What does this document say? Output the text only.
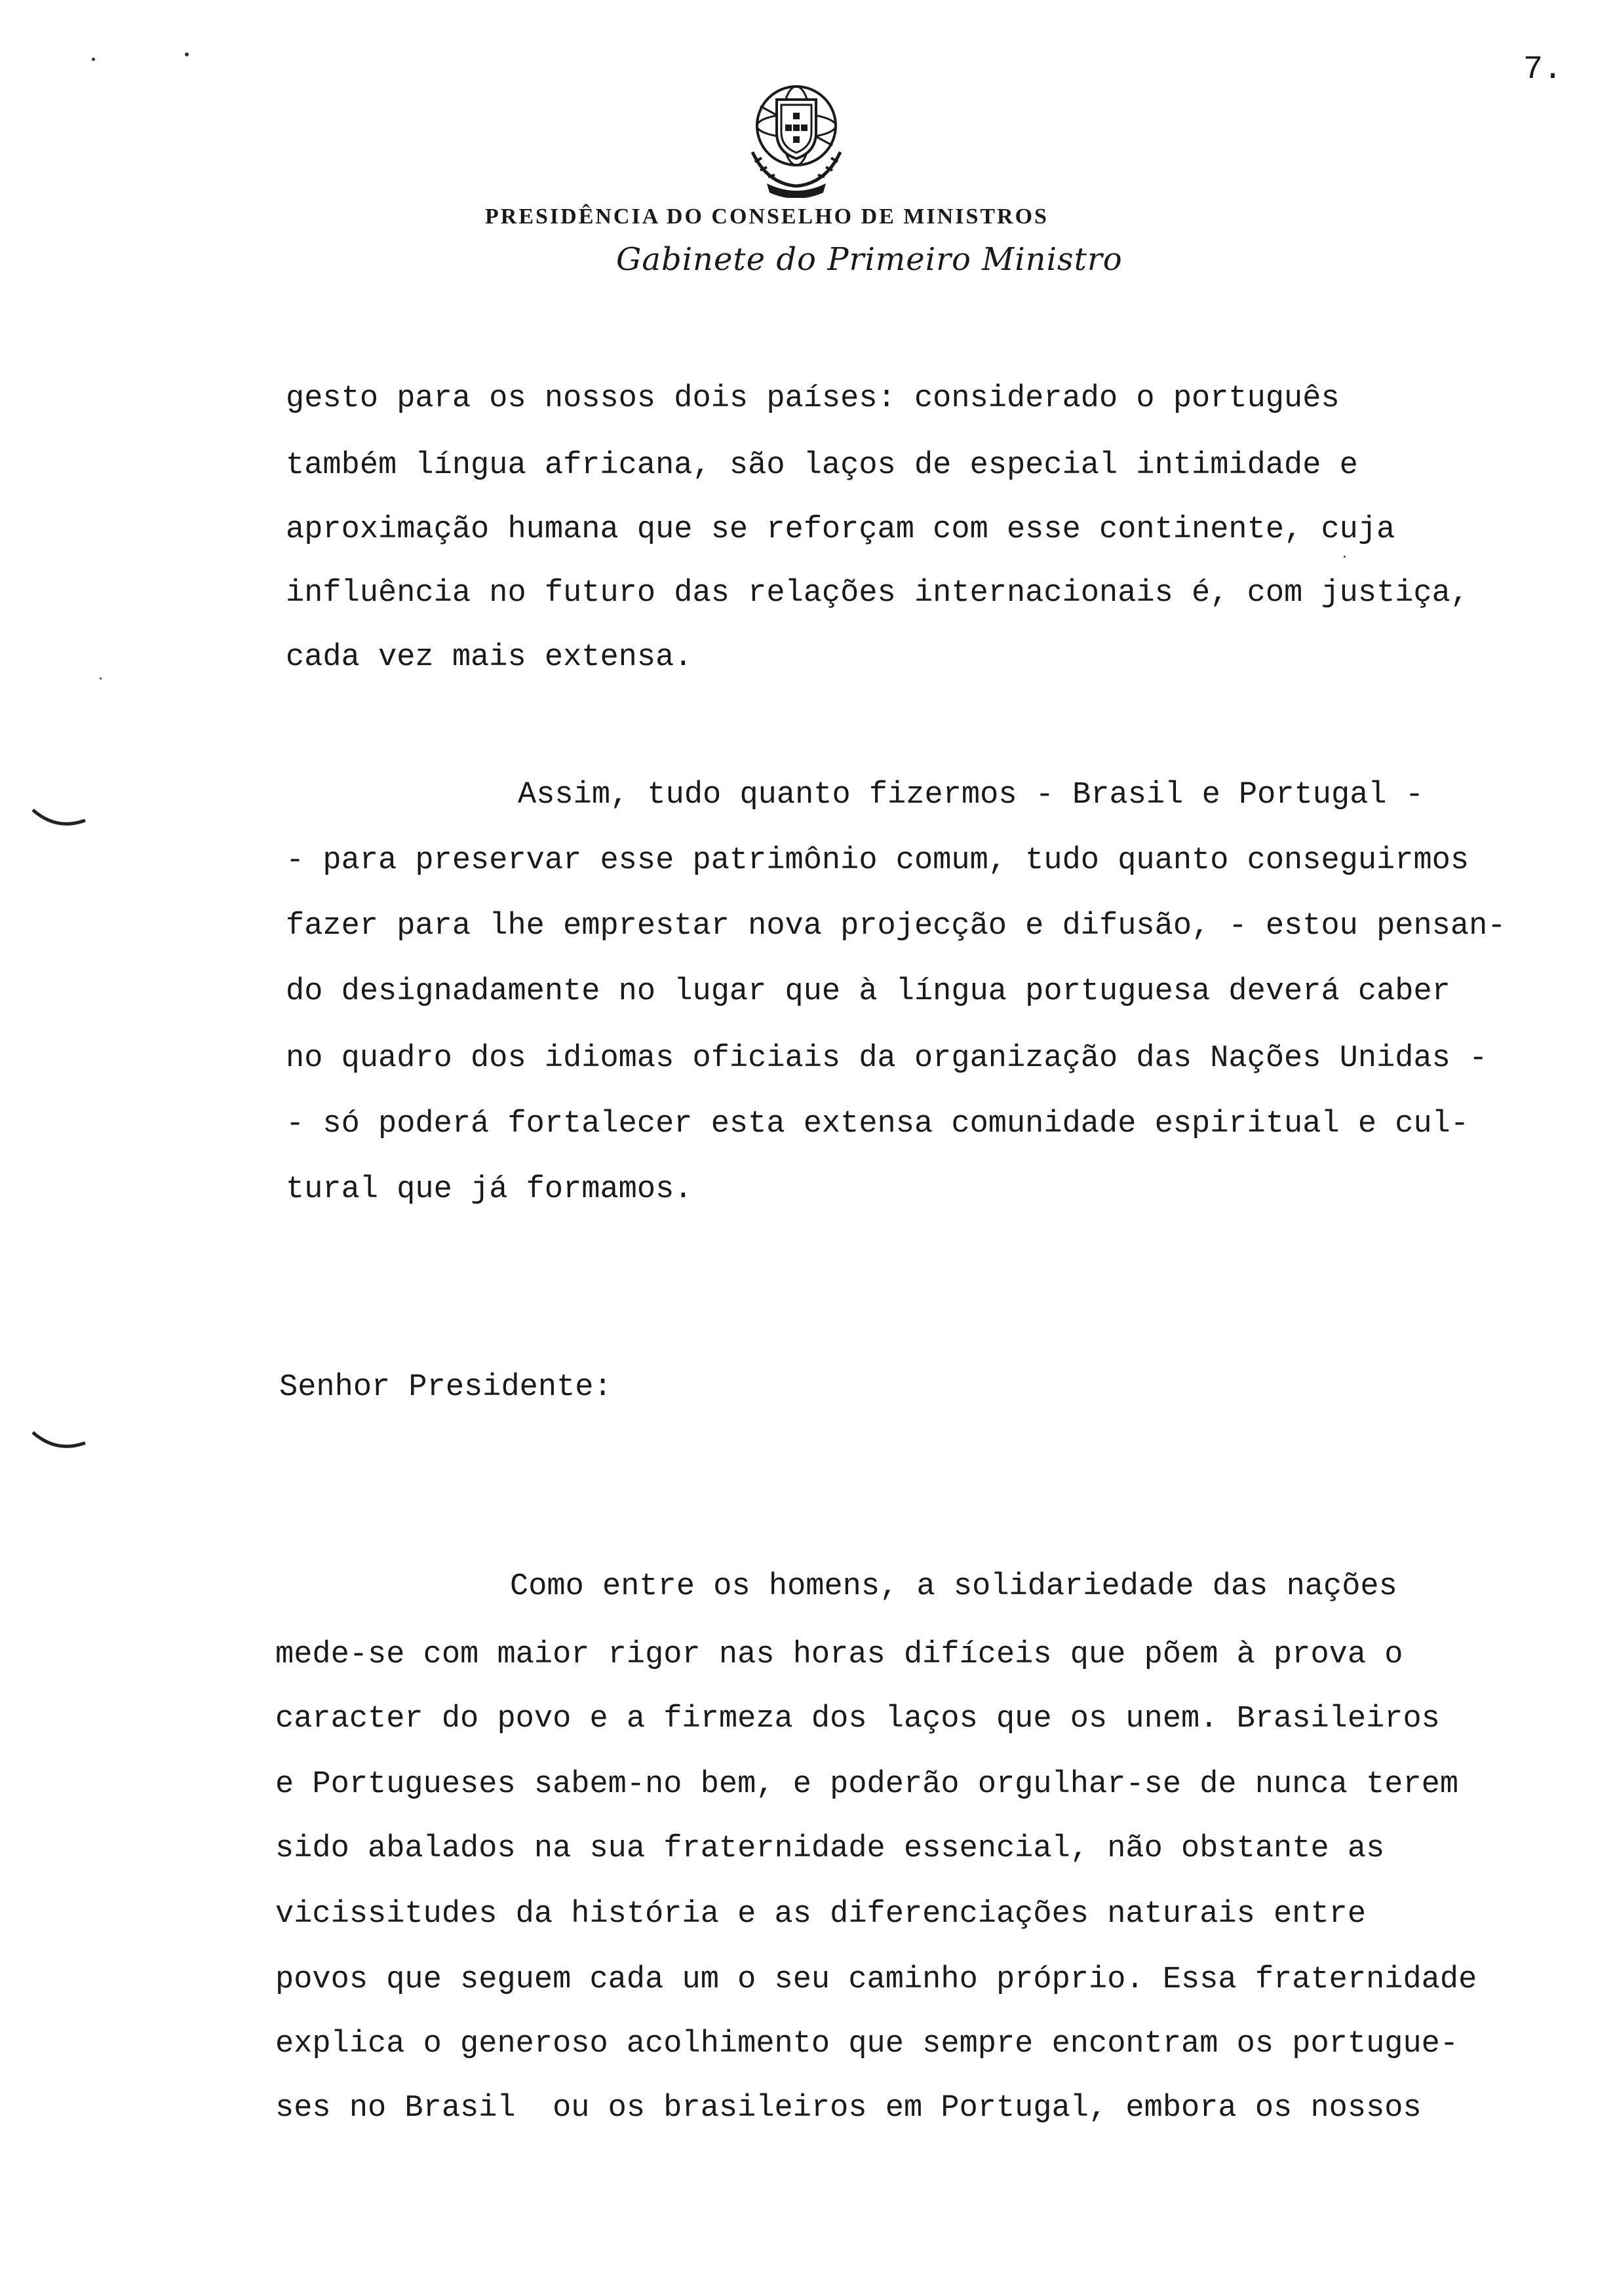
7.
PRESIDÊNCIA DO CONSELHO DE MINISTROS
Gabinete do Primeiro Ministro
gesto para os nossos dois países: considerado o português
também língua africana, são laços de especial intimidade e
aproximação humana que se reforçam com esse continente, cuja
influência no futuro das relações internacionais é, com justiça,
cada vez mais extensa.
Assim, tudo quanto fizermos - Brasil e Portugal -
- para preservar esse patrimônio comum, tudo quanto conseguirmos
fazer para lhe emprestar nova projecção e difusão, - estou pensan-
do designadamente no lugar que à língua portuguesa deverá caber
no quadro dos idiomas oficiais da organização das Nações Unidas -
- só poderá fortalecer esta extensa comunidade espiritual e cul-
tural que já formamos.
Senhor Presidente:
Como entre os homens, a solidariedade das nações
mede-se com maior rigor nas horas difíceis que põem à prova o
caracter do povo e a firmeza dos laços que os unem. Brasileiros
e Portugueses sabem-no bem, e poderão orgulhar-se de nunca terem
sido abalados na sua fraternidade essencial, não obstante as
vicissitudes da história e as diferenciações naturais entre
povos que seguem cada um o seu caminho próprio. Essa fraternidade
explica o generoso acolhimento que sempre encontram os portugue-
ses no Brasil  ou os brasileiros em Portugal, embora os nossos
